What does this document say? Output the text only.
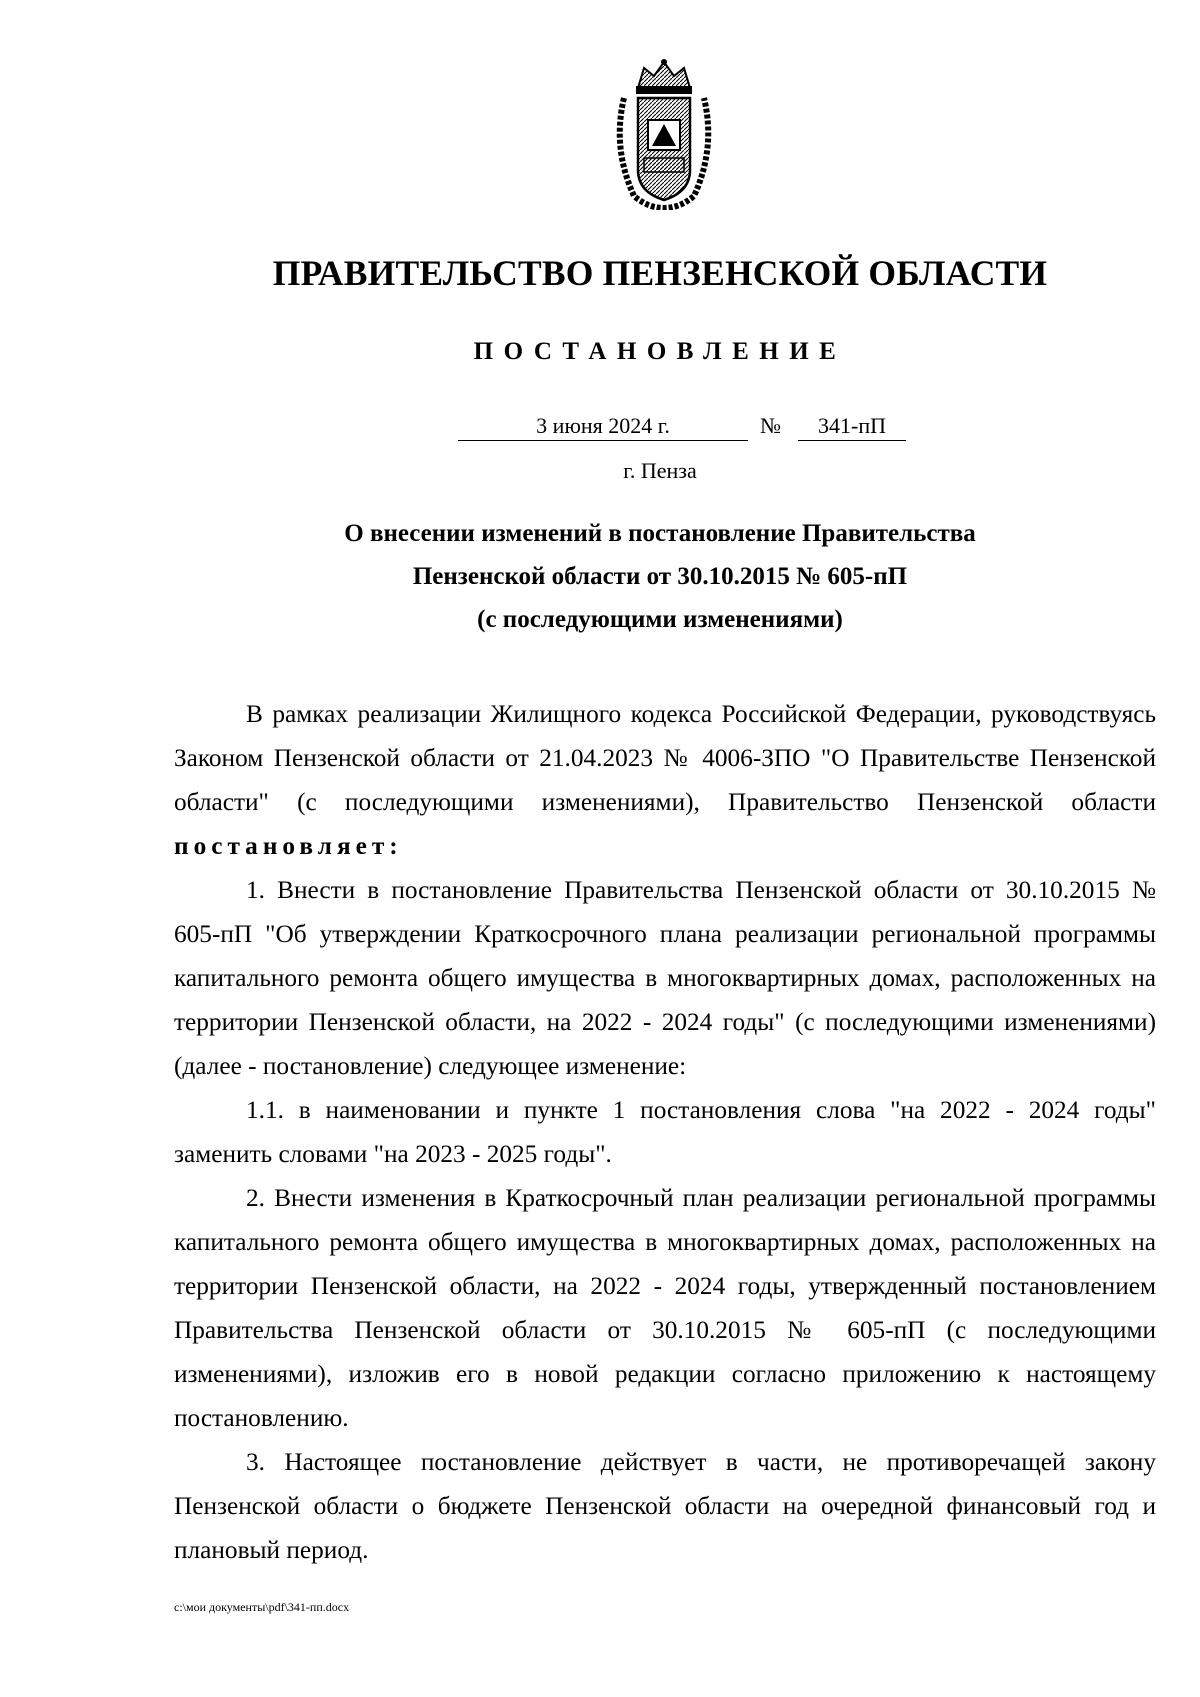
ПРАВИТЕЛЬСТВО ПЕНЗЕНСКОЙ ОБЛАСТИ
ПОСТАНОВЛЕНИЕ
3 июня 2024 г.	№	341-пП
г. Пенза
О внесении изменений в постановление Правительства
Пензенской области от 30.10.2015 № 605-пП
(с последующими изменениями)

В рамках реализации Жилищного кодекса Российской Федерации, руководствуясь Законом Пензенской области от 21.04.2023 № 4006-ЗПО "О Правительстве Пензенской области" (с последующими изменениями), Правительство Пензенской области постановляет:

1. Внести в постановление Правительства Пензенской области от 30.10.2015 № 605-пП "Об утверждении Краткосрочного плана реализации региональной программы капитального ремонта общего имущества в многоквартирных домах, расположенных на территории Пензенской области, на 2022 - 2024 годы" (с последующими изменениями) (далее - постановление) следующее изменение:

1.1. в наименовании и пункте 1 постановления слова "на 2022 - 2024 годы" заменить словами "на 2023 - 2025 годы".

2. Внести изменения в Краткосрочный план реализации региональной программы капитального ремонта общего имущества в многоквартирных домах, расположенных на территории Пензенской области, на 2022 - 2024 годы, утвержденный постановлением Правительства Пензенской области от 30.10.2015 № 605-пП (с последующими изменениями), изложив его в новой редакции согласно приложению к настоящему постановлению.

3. Настоящее постановление действует в части, не противоречащей закону Пензенской области о бюджете Пензенской области на очередной финансовый год и плановый период.

c:\мои документы\pdf\341-пп.docx
